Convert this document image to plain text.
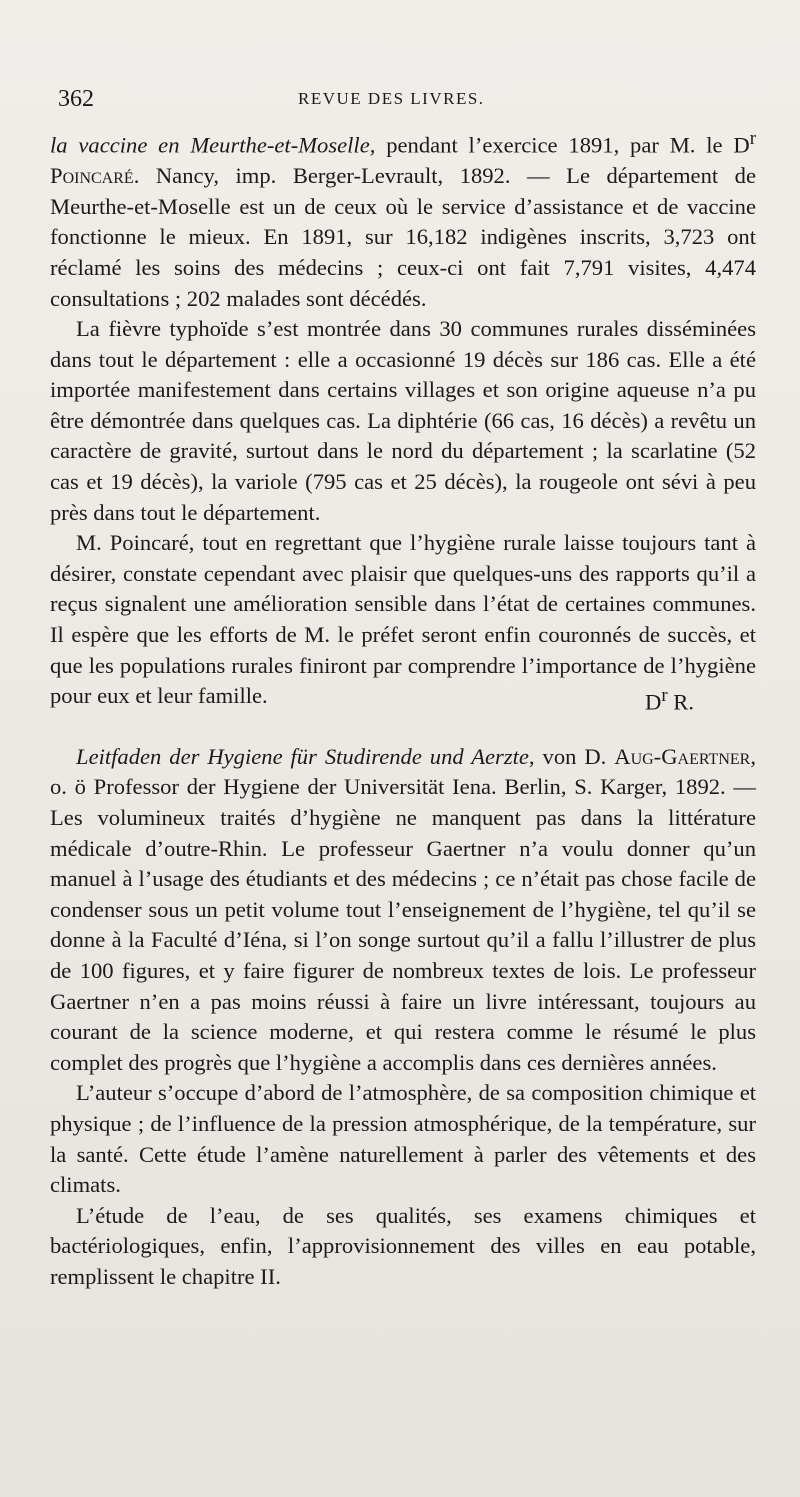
362	REVUE DES LIVRES.

la vaccine en Meurthe-et-Moselle, pendant l’exercice 1891, par M. le $D^r$ Poincaré. Nancy, imp. Berger-Levrault, 1892. — Le département de Meurthe-et-Moselle est un de ceux où le service d’assistance et de vaccine fonctionne le mieux. En 1891, sur 16,182 indigènes inscrits, 3,723 ont réclamé les soins des médecins ; ceux-ci ont fait 7,791 visites, 4,474 consultations ; 202 malades sont décédés.

La fièvre typhoïde s’est montrée dans 30 communes rurales disséminées dans tout le département : elle a occasionné 19 décès sur 186 cas. Elle a été importée manifestement dans certains villages et son origine aqueuse n’a pu être démontrée dans quelques cas. La diphtérie (66 cas, 16 décès) a revêtu un caractère de gravité, surtout dans le nord du département ; la scarlatine (52 cas et 19 décès), la variole (795 cas et 25 décès), la rougeole ont sévi à peu près dans tout le département.

M. Poincaré, tout en regrettant que l’hygiène rurale laisse toujours tant à désirer, constate cependant avec plaisir que quelques-uns des rapports qu’il a reçus signalent une amélioration sensible dans l’état de certaines communes. Il espère que les efforts de M. le préfet seront enfin couronnés de succès, et que les populations rurales finiront par comprendre l’importance de l’hygiène pour eux et leur famille.	$D^r$ R.

Leitfaden der Hygiene für Studirende und Aerzte, von D. Aug-Gaertner, o. ö Professor der Hygiene der Universität Iena. Berlin, S. Karger, 1892. — Les volumineux traités d’hygiène ne manquent pas dans la littérature médicale d’outre-Rhin. Le professeur Gaertner n’a voulu donner qu’un manuel à l’usage des étudiants et des médecins ; ce n’était pas chose facile de condenser sous un petit volume tout l’enseignement de l’hygiène, tel qu’il se donne à la Faculté d’Iéna, si l’on songe surtout qu’il a fallu l’illustrer de plus de 100 figures, et y faire figurer de nombreux textes de lois. Le professeur Gaertner n’en a pas moins réussi à faire un livre intéressant, toujours au courant de la science moderne, et qui restera comme le résumé le plus complet des progrès que l’hygiène a accomplis dans ces dernières années.

L’auteur s’occupe d’abord de l’atmosphère, de sa composition chimique et physique ; de l’influence de la pression atmosphérique, de la température, sur la santé. Cette étude l’amène naturellement à parler des vêtements et des climats.

L’étude de l’eau, de ses qualités, ses examens chimiques et bactériologiques, enfin, l’approvisionnement des villes en eau potable, remplissent le chapitre II.
